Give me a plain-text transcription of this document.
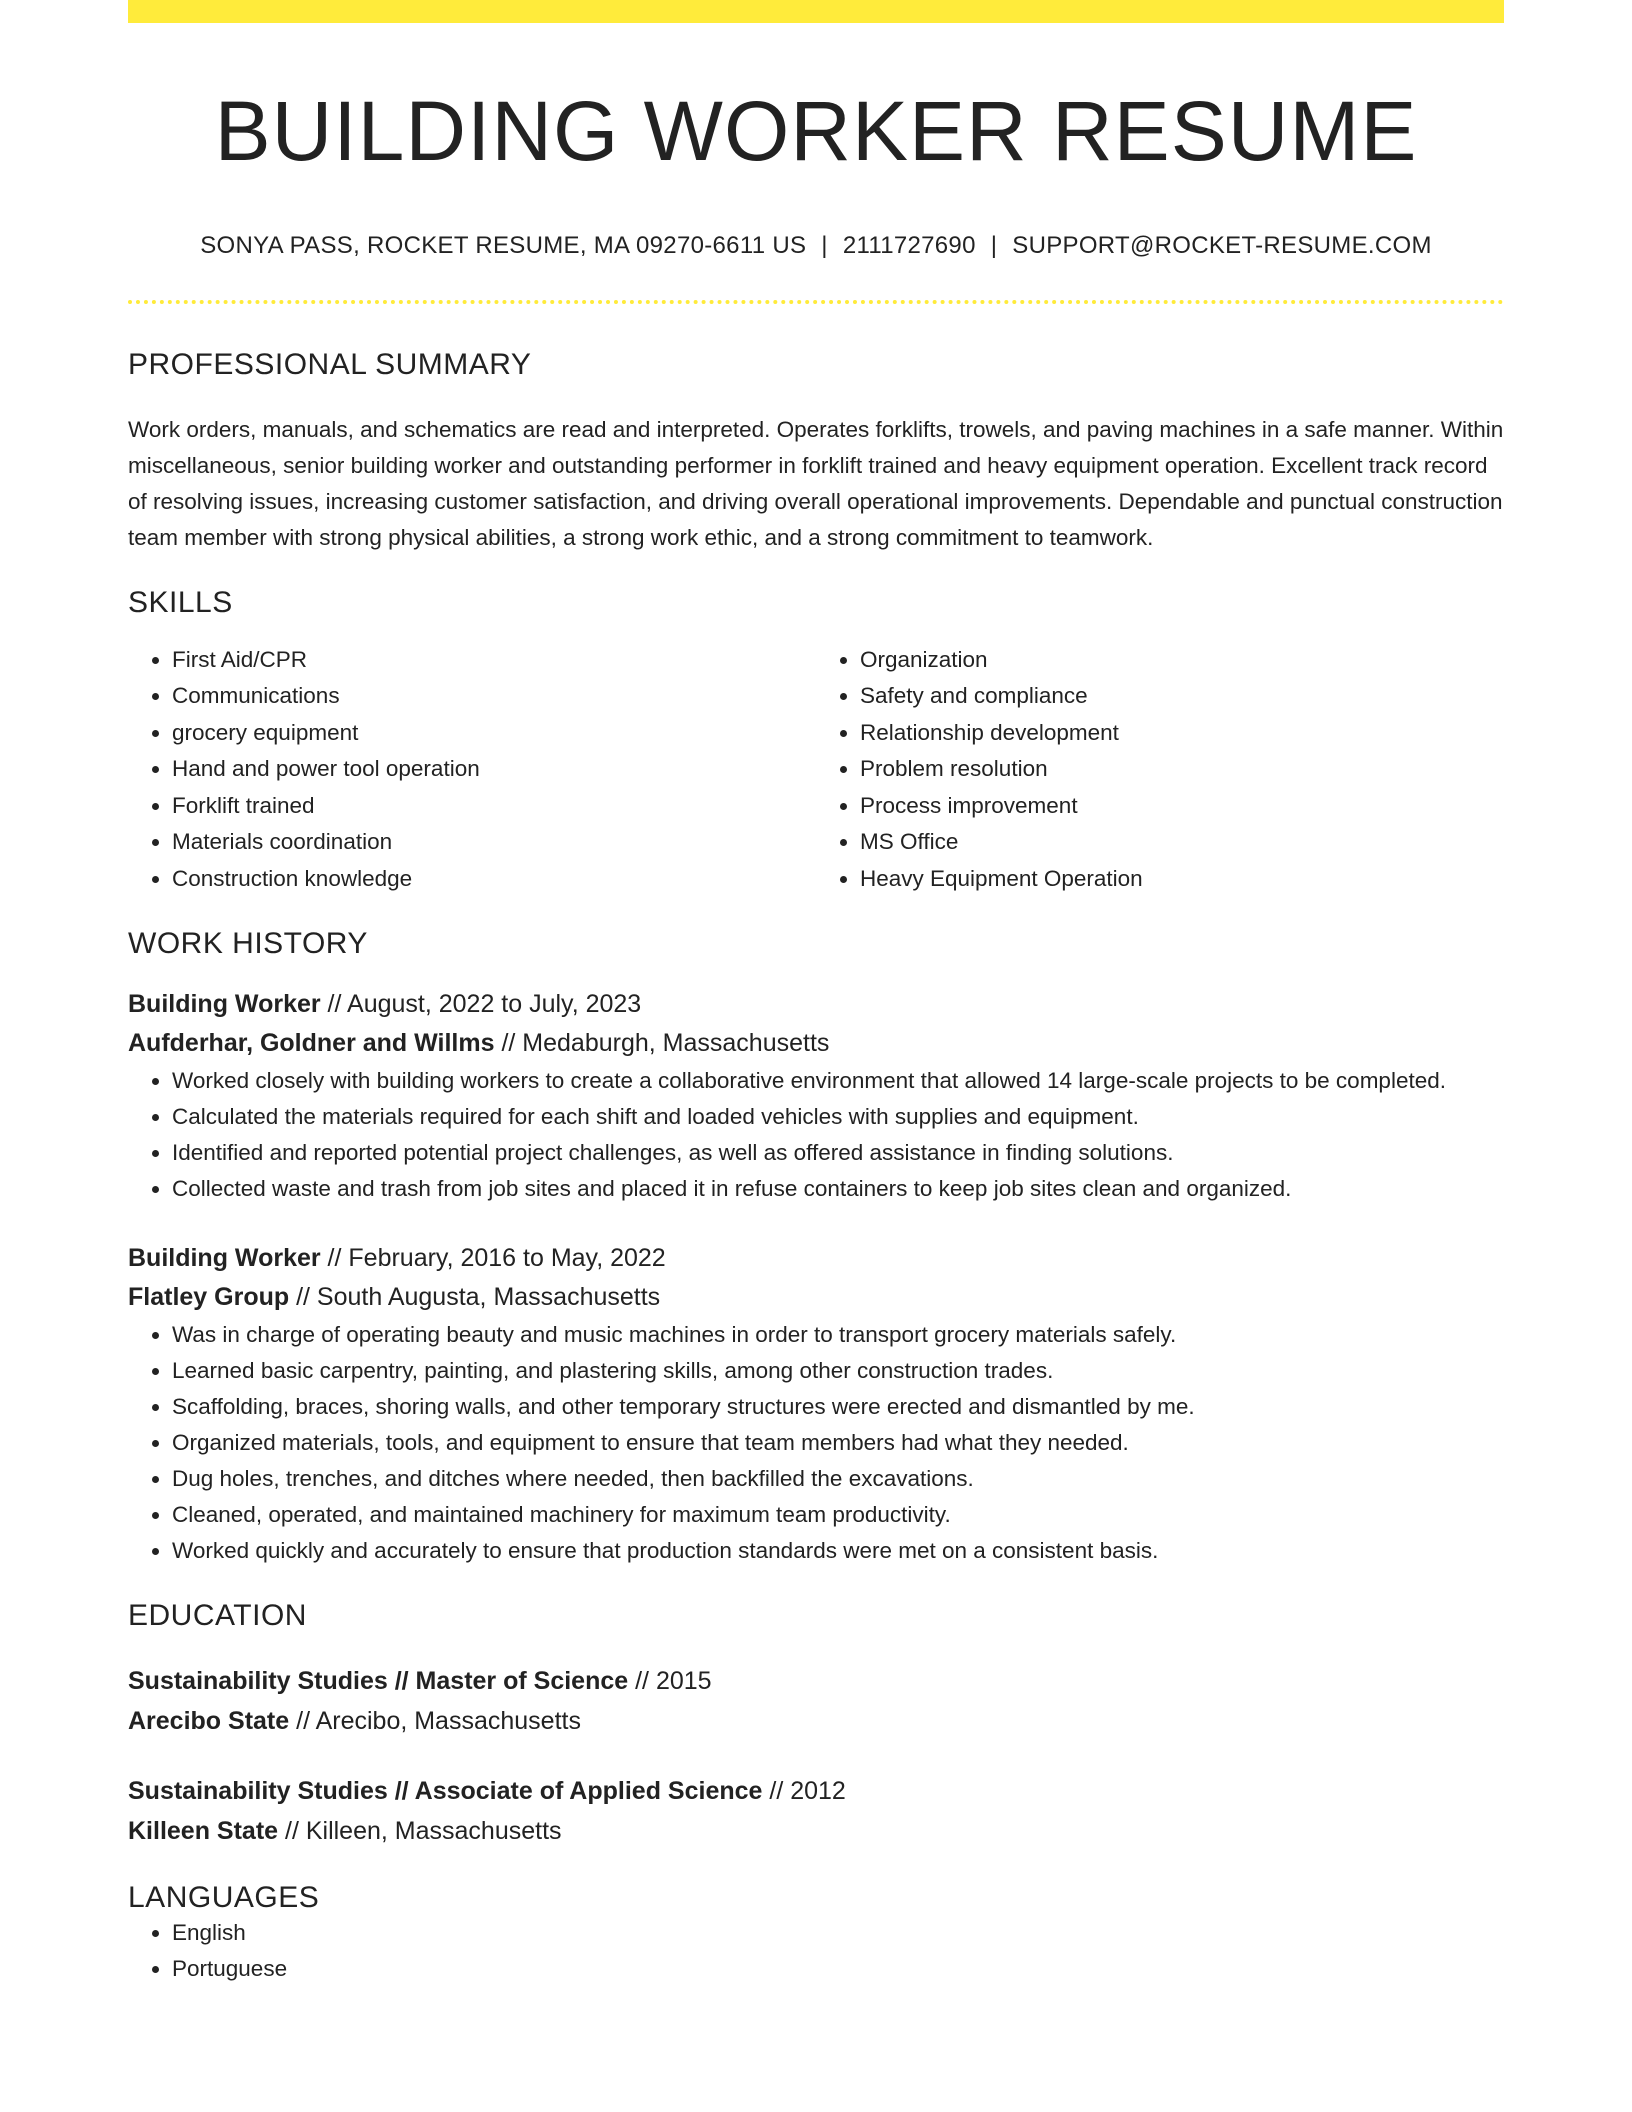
BUILDING WORKER RESUME
SONYA PASS, ROCKET RESUME, MA 09270-6611 US | 2111727690 | SUPPORT@ROCKET-RESUME.COM
PROFESSIONAL SUMMARY

Work orders, manuals, and schematics are read and interpreted. Operates forklifts, trowels, and paving machines in a safe manner. Within miscellaneous, senior building worker and outstanding performer in forklift trained and heavy equipment operation. Excellent track record of resolving issues, increasing customer satisfaction, and driving overall operational improvements. Dependable and punctual construction team member with strong physical abilities, a strong work ethic, and a strong commitment to teamwork.

SKILLS
• First Aid/CPR
• Communications
• grocery equipment
• Hand and power tool operation
• Forklift trained
• Materials coordination
• Construction knowledge
• Organization
• Safety and compliance
• Relationship development
• Problem resolution
• Process improvement
• MS Office
• Heavy Equipment Operation
WORK HISTORY
Building Worker // August, 2022 to July, 2023
Aufderhar, Goldner and Willms // Medaburgh, Massachusetts
• Worked closely with building workers to create a collaborative environment that allowed 14 large-scale projects to be completed.
• Calculated the materials required for each shift and loaded vehicles with supplies and equipment.
• Identified and reported potential project challenges, as well as offered assistance in finding solutions.
• Collected waste and trash from job sites and placed it in refuse containers to keep job sites clean and organized.
Building Worker // February, 2016 to May, 2022
Flatley Group // South Augusta, Massachusetts
• Was in charge of operating beauty and music machines in order to transport grocery materials safely.
• Learned basic carpentry, painting, and plastering skills, among other construction trades.
• Scaffolding, braces, shoring walls, and other temporary structures were erected and dismantled by me.
• Organized materials, tools, and equipment to ensure that team members had what they needed.
• Dug holes, trenches, and ditches where needed, then backfilled the excavations.
• Cleaned, operated, and maintained machinery for maximum team productivity.
• Worked quickly and accurately to ensure that production standards were met on a consistent basis.
EDUCATION
Sustainability Studies // Master of Science // 2015
Arecibo State // Arecibo, Massachusetts
Sustainability Studies // Associate of Applied Science // 2012
Killeen State // Killeen, Massachusetts
LANGUAGES
• English
• Portuguese
